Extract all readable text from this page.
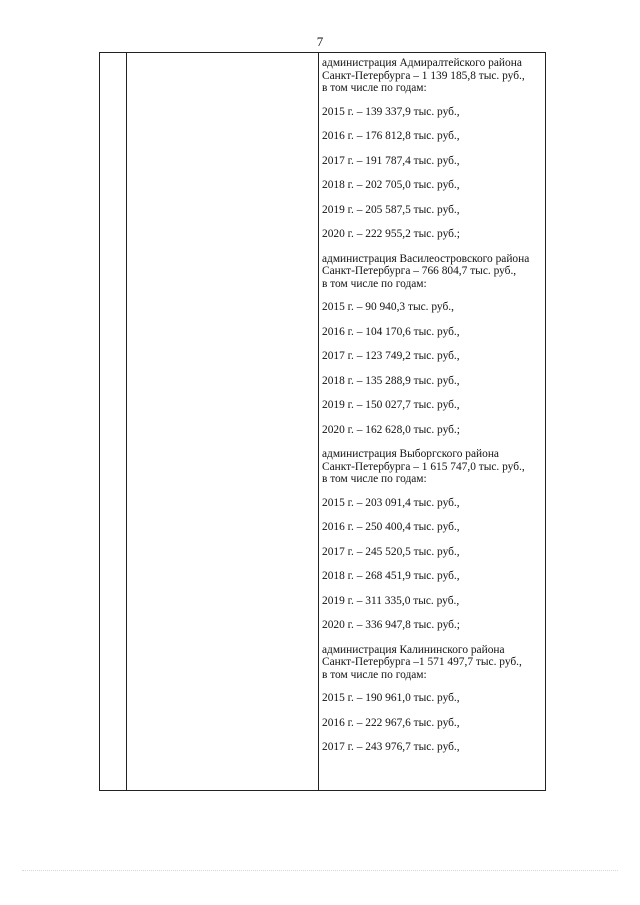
7

администрация Адмиралтейского района
Санкт-Петербурга – 1 139 185,8 тыс. руб.,
в том числе по годам:

2015 г. – 139 337,9 тыс. руб.,

2016 г. – 176 812,8 тыс. руб.,

2017 г. – 191 787,4 тыс. руб.,

2018 г. – 202 705,0 тыс. руб.,

2019 г. – 205 587,5 тыс. руб.,

2020 г. – 222 955,2 тыс. руб.;

администрация Василеостровского района
Санкт-Петербурга – 766 804,7 тыс. руб.,
в том числе по годам:

2015 г. – 90 940,3 тыс. руб.,

2016 г. – 104 170,6 тыс. руб.,

2017 г. – 123 749,2 тыс. руб.,

2018 г. – 135 288,9 тыс. руб.,

2019 г. – 150 027,7 тыс. руб.,

2020 г. – 162 628,0 тыс. руб.;

администрация Выборгского района
Санкт-Петербурга – 1 615 747,0 тыс. руб.,
в том числе по годам:

2015 г. – 203 091,4 тыс. руб.,

2016 г. – 250 400,4 тыс. руб.,

2017 г. – 245 520,5 тыс. руб.,

2018 г. – 268 451,9 тыс. руб.,

2019 г. – 311 335,0 тыс. руб.,

2020 г. – 336 947,8 тыс. руб.;

администрация Калининского района
Санкт-Петербурга –1 571 497,7 тыс. руб.,
в том числе по годам:

2015 г. – 190 961,0 тыс. руб.,

2016 г. – 222 967,6 тыс. руб.,

2017 г. – 243 976,7 тыс. руб.,
